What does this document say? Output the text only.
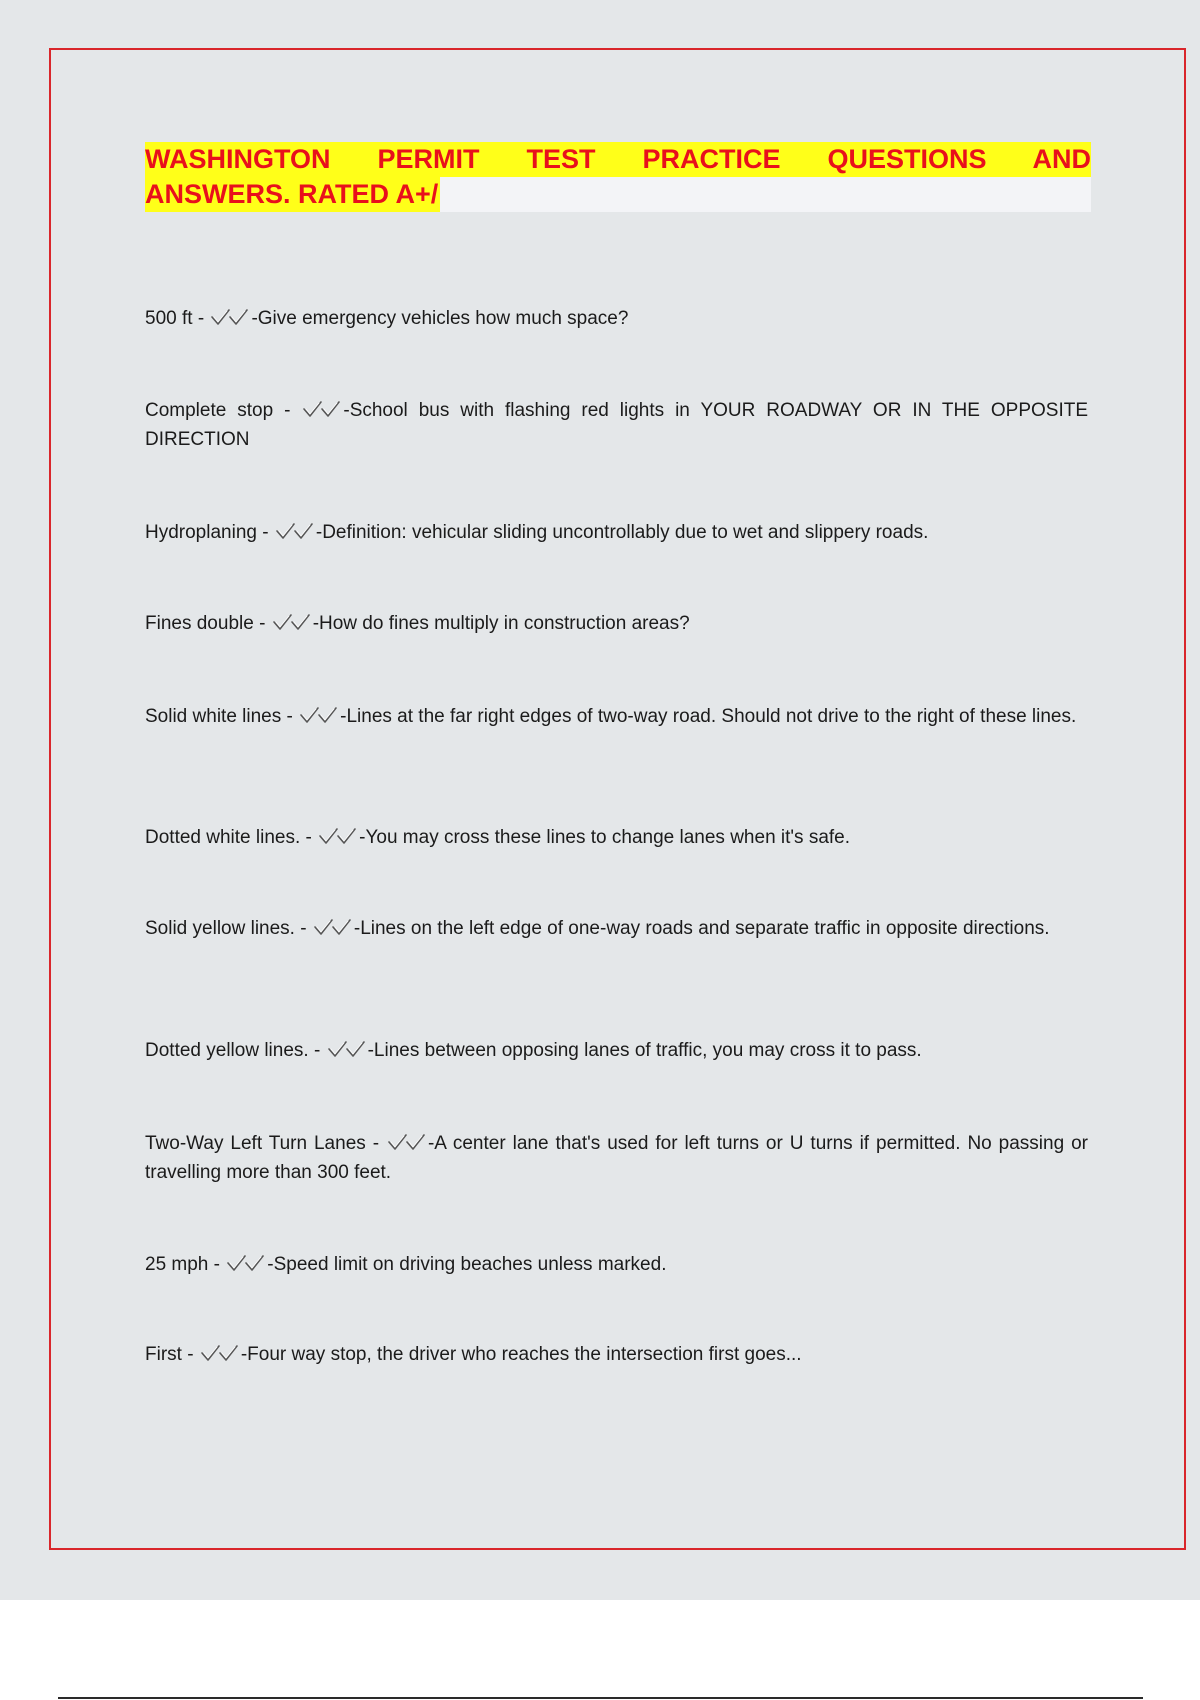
WASHINGTON PERMIT TEST PRACTICE QUESTIONS AND
ANSWERS. RATED A+/
500 ft -
-Give emergency vehicles how much space?
Complete stop -
-School bus with flashing red lights in YOUR ROADWAY OR IN THE OPPOSITE DIRECTION
Hydroplaning -
-Definition: vehicular sliding uncontrollably due to wet and slippery roads.
Fines double -
-How do fines multiply in construction areas?
Solid white lines -
-Lines at the far right edges of two-way road. Should not drive to the right of these lines.
Dotted white lines. -
-You may cross these lines to change lanes when it's safe.
Solid yellow lines. -
-Lines on the left edge of one-way roads and separate traffic in opposite directions.
Dotted yellow lines. -
-Lines between opposing lanes of traffic, you may cross it to pass.
Two-Way Left Turn Lanes -
-A center lane that's used for left turns or U turns if permitted. No passing or travelling more than 300 feet.
25 mph -
-Speed limit on driving beaches unless marked.
First -
-Four way stop, the driver who reaches the intersection first goes...
